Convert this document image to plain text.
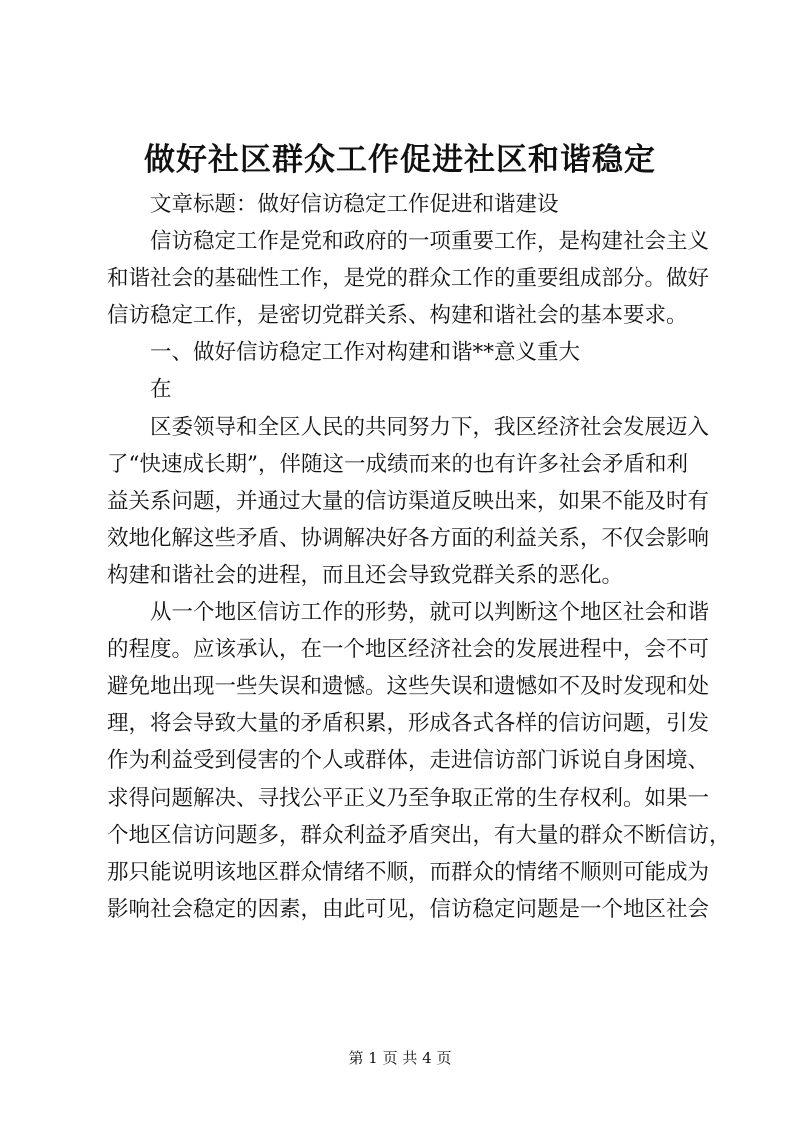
做好社区群众工作促进社区和谐稳定
文章标题：做好信访稳定工作促进和谐建设
信访稳定工作是党和政府的一项重要工作，是构建社会主义
和谐社会的基础性工作，是党的群众工作的重要组成部分。做好
信访稳定工作，是密切党群关系、构建和谐社会的基本要求。
一、做好信访稳定工作对构建和谐**意义重大
在
区委领导和全区人民的共同努力下，我区经济社会发展迈入
了“快速成长期”，伴随这一成绩而来的也有许多社会矛盾和利
益关系问题，并通过大量的信访渠道反映出来，如果不能及时有
效地化解这些矛盾、协调解决好各方面的利益关系，不仅会影响
构建和谐社会的进程，而且还会导致党群关系的恶化。
从一个地区信访工作的形势，就可以判断这个地区社会和谐
的程度。应该承认，在一个地区经济社会的发展进程中，会不可
避免地出现一些失误和遗憾。这些失误和遗憾如不及时发现和处
理，将会导致大量的矛盾积累，形成各式各样的信访问题，引发
作为利益受到侵害的个人或群体，走进信访部门诉说自身困境、
求得问题解决、寻找公平正义乃至争取正常的生存权利。如果一
个地区信访问题多，群众利益矛盾突出，有大量的群众不断信访，
那只能说明该地区群众情绪不顺，而群众的情绪不顺则可能成为
影响社会稳定的因素，由此可见，信访稳定问题是一个地区社会
第 1 页 共 4 页
